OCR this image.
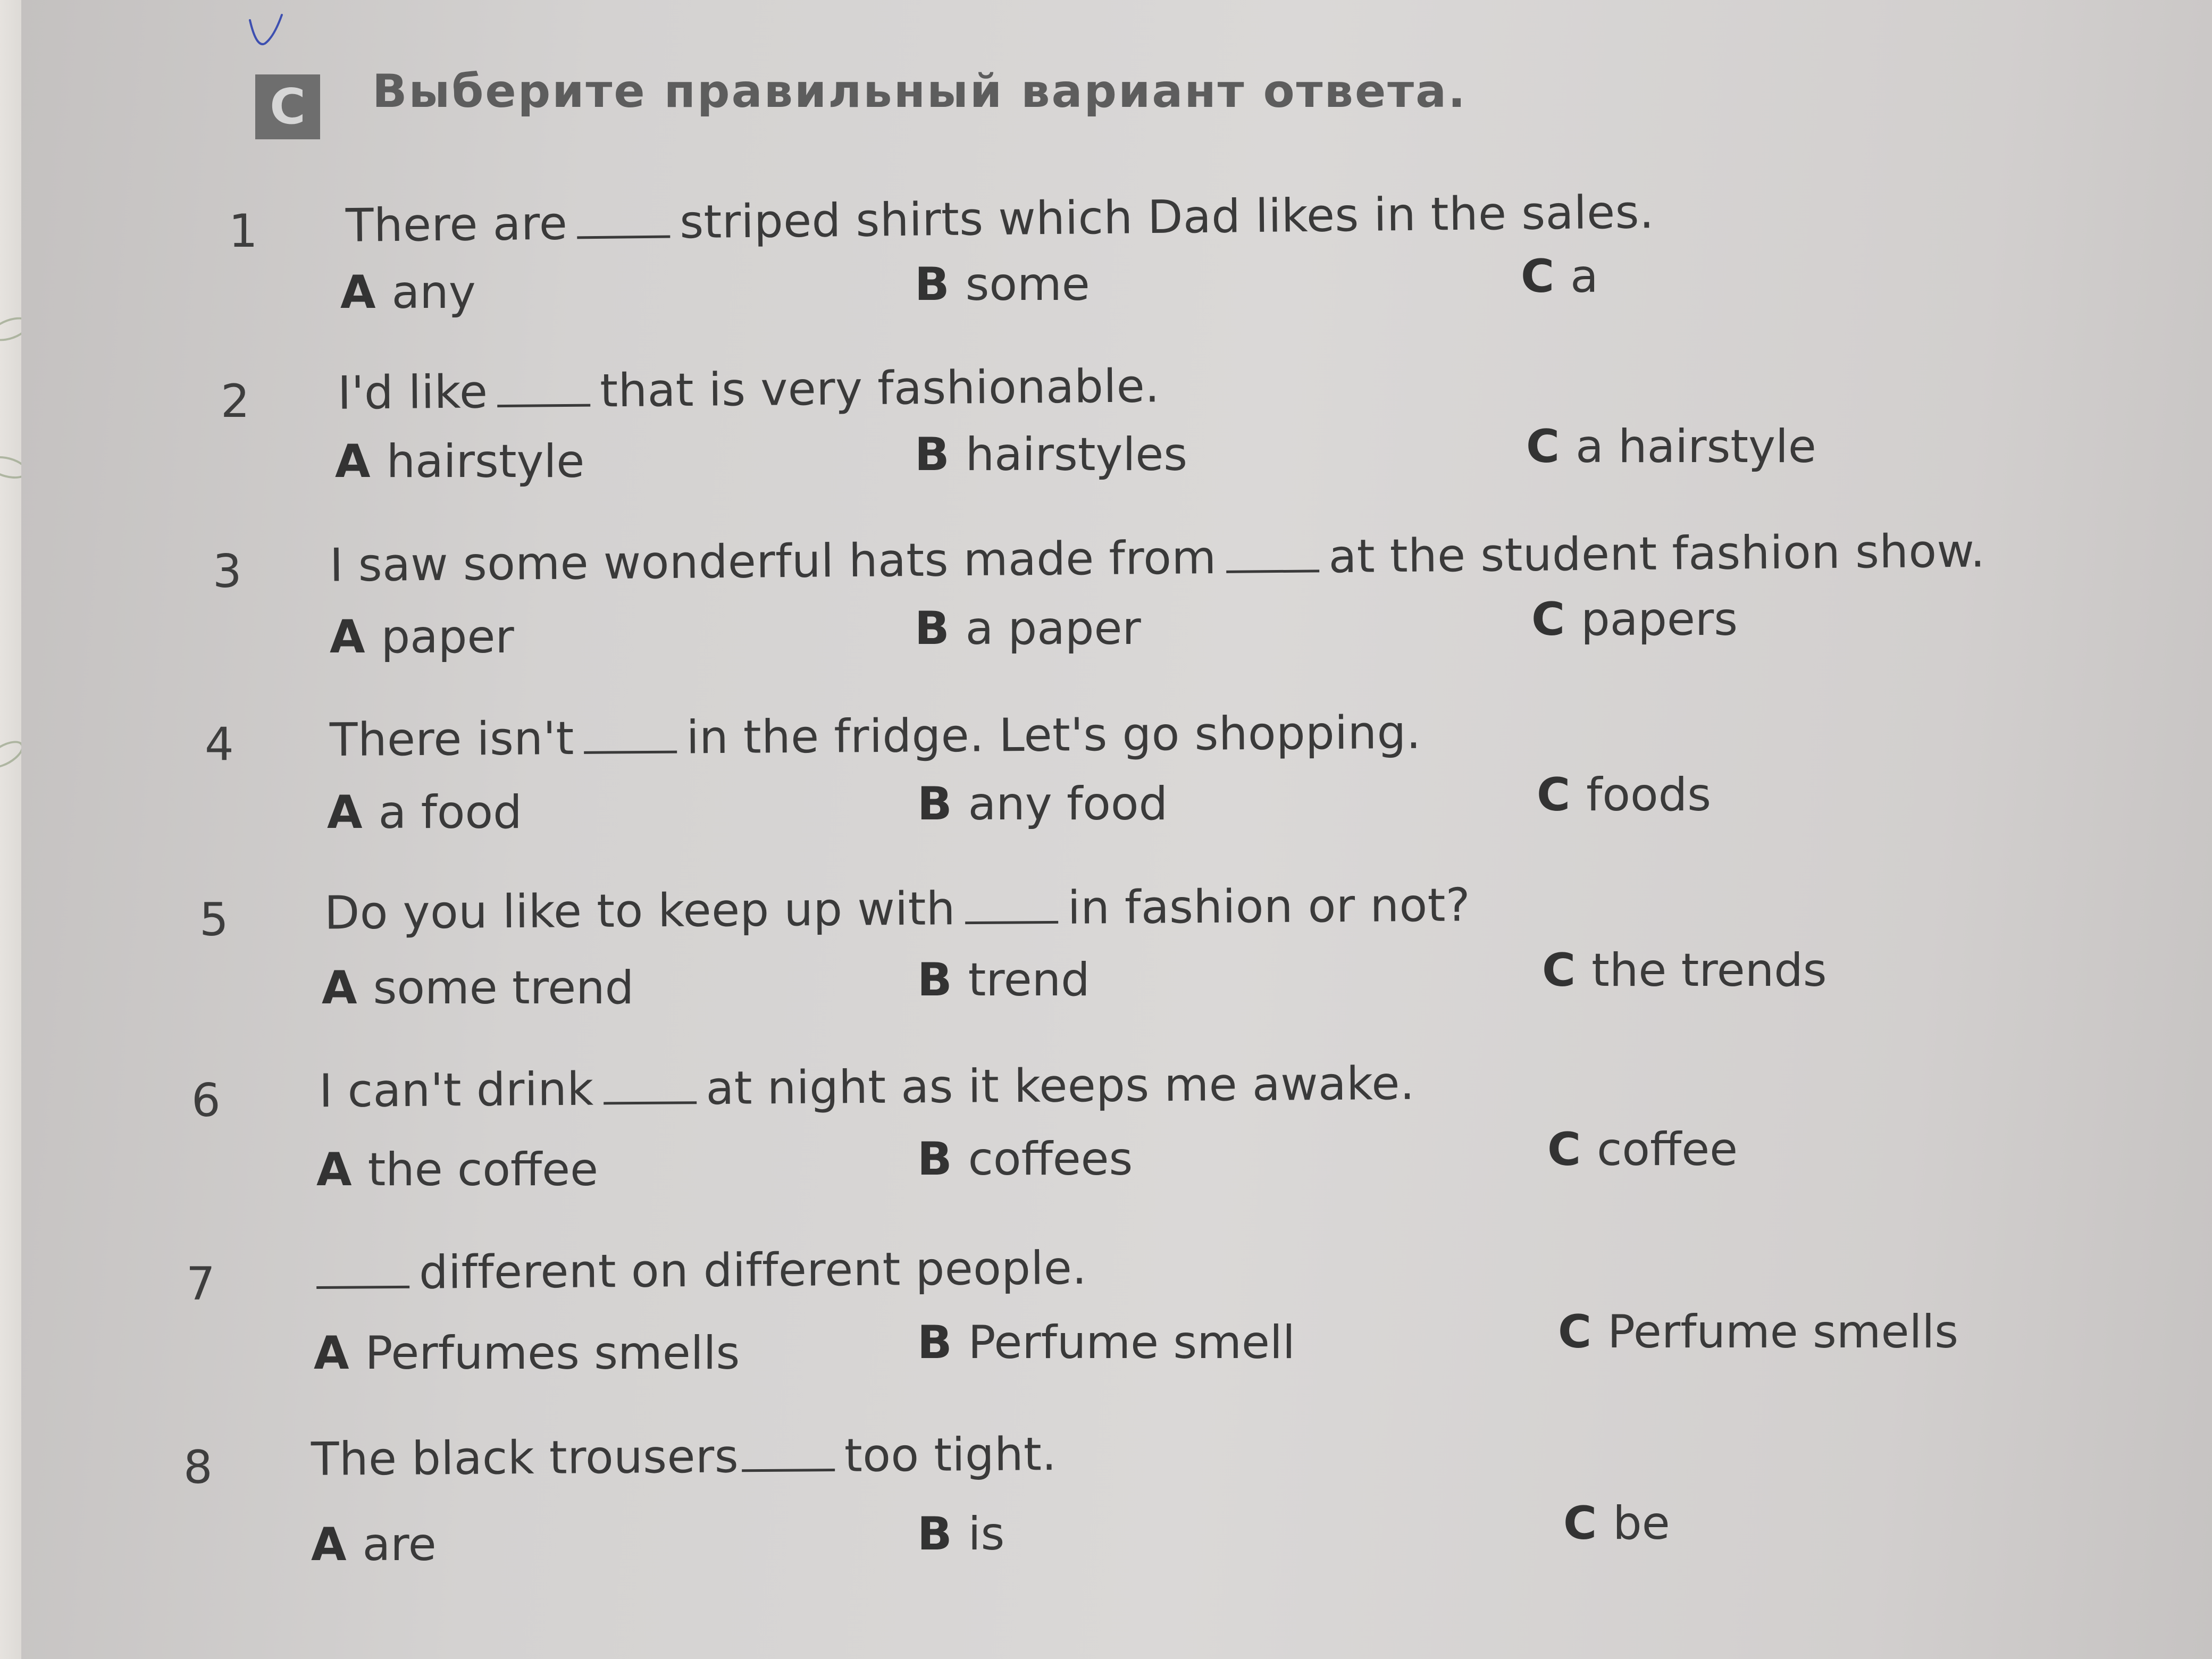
C	Выберите правильный вариант ответа.
1 There are striped shirts which Dad likes in the sales.
A any	B some	C a
2 I'd like that is very fashionable.
A hairstyle	B hairstyles	C a hairstyle
3 I saw some wonderful hats made from at the student fashion show.
A paper	B a paper	C papers
4 There isn't in the fridge. Let's go shopping.
A a food	B any food	C foods
5 Do you like to keep up with in fashion or not?
A some trend	B trend	C the trends
6 I can't drink at night as it keeps me awake.
A the coffee	B coffees	C coffee
7	different on different people.
A Perfumes smells	B Perfume smell	C Perfume smells
8 The black trousers too tight.
A are	B is	C be
